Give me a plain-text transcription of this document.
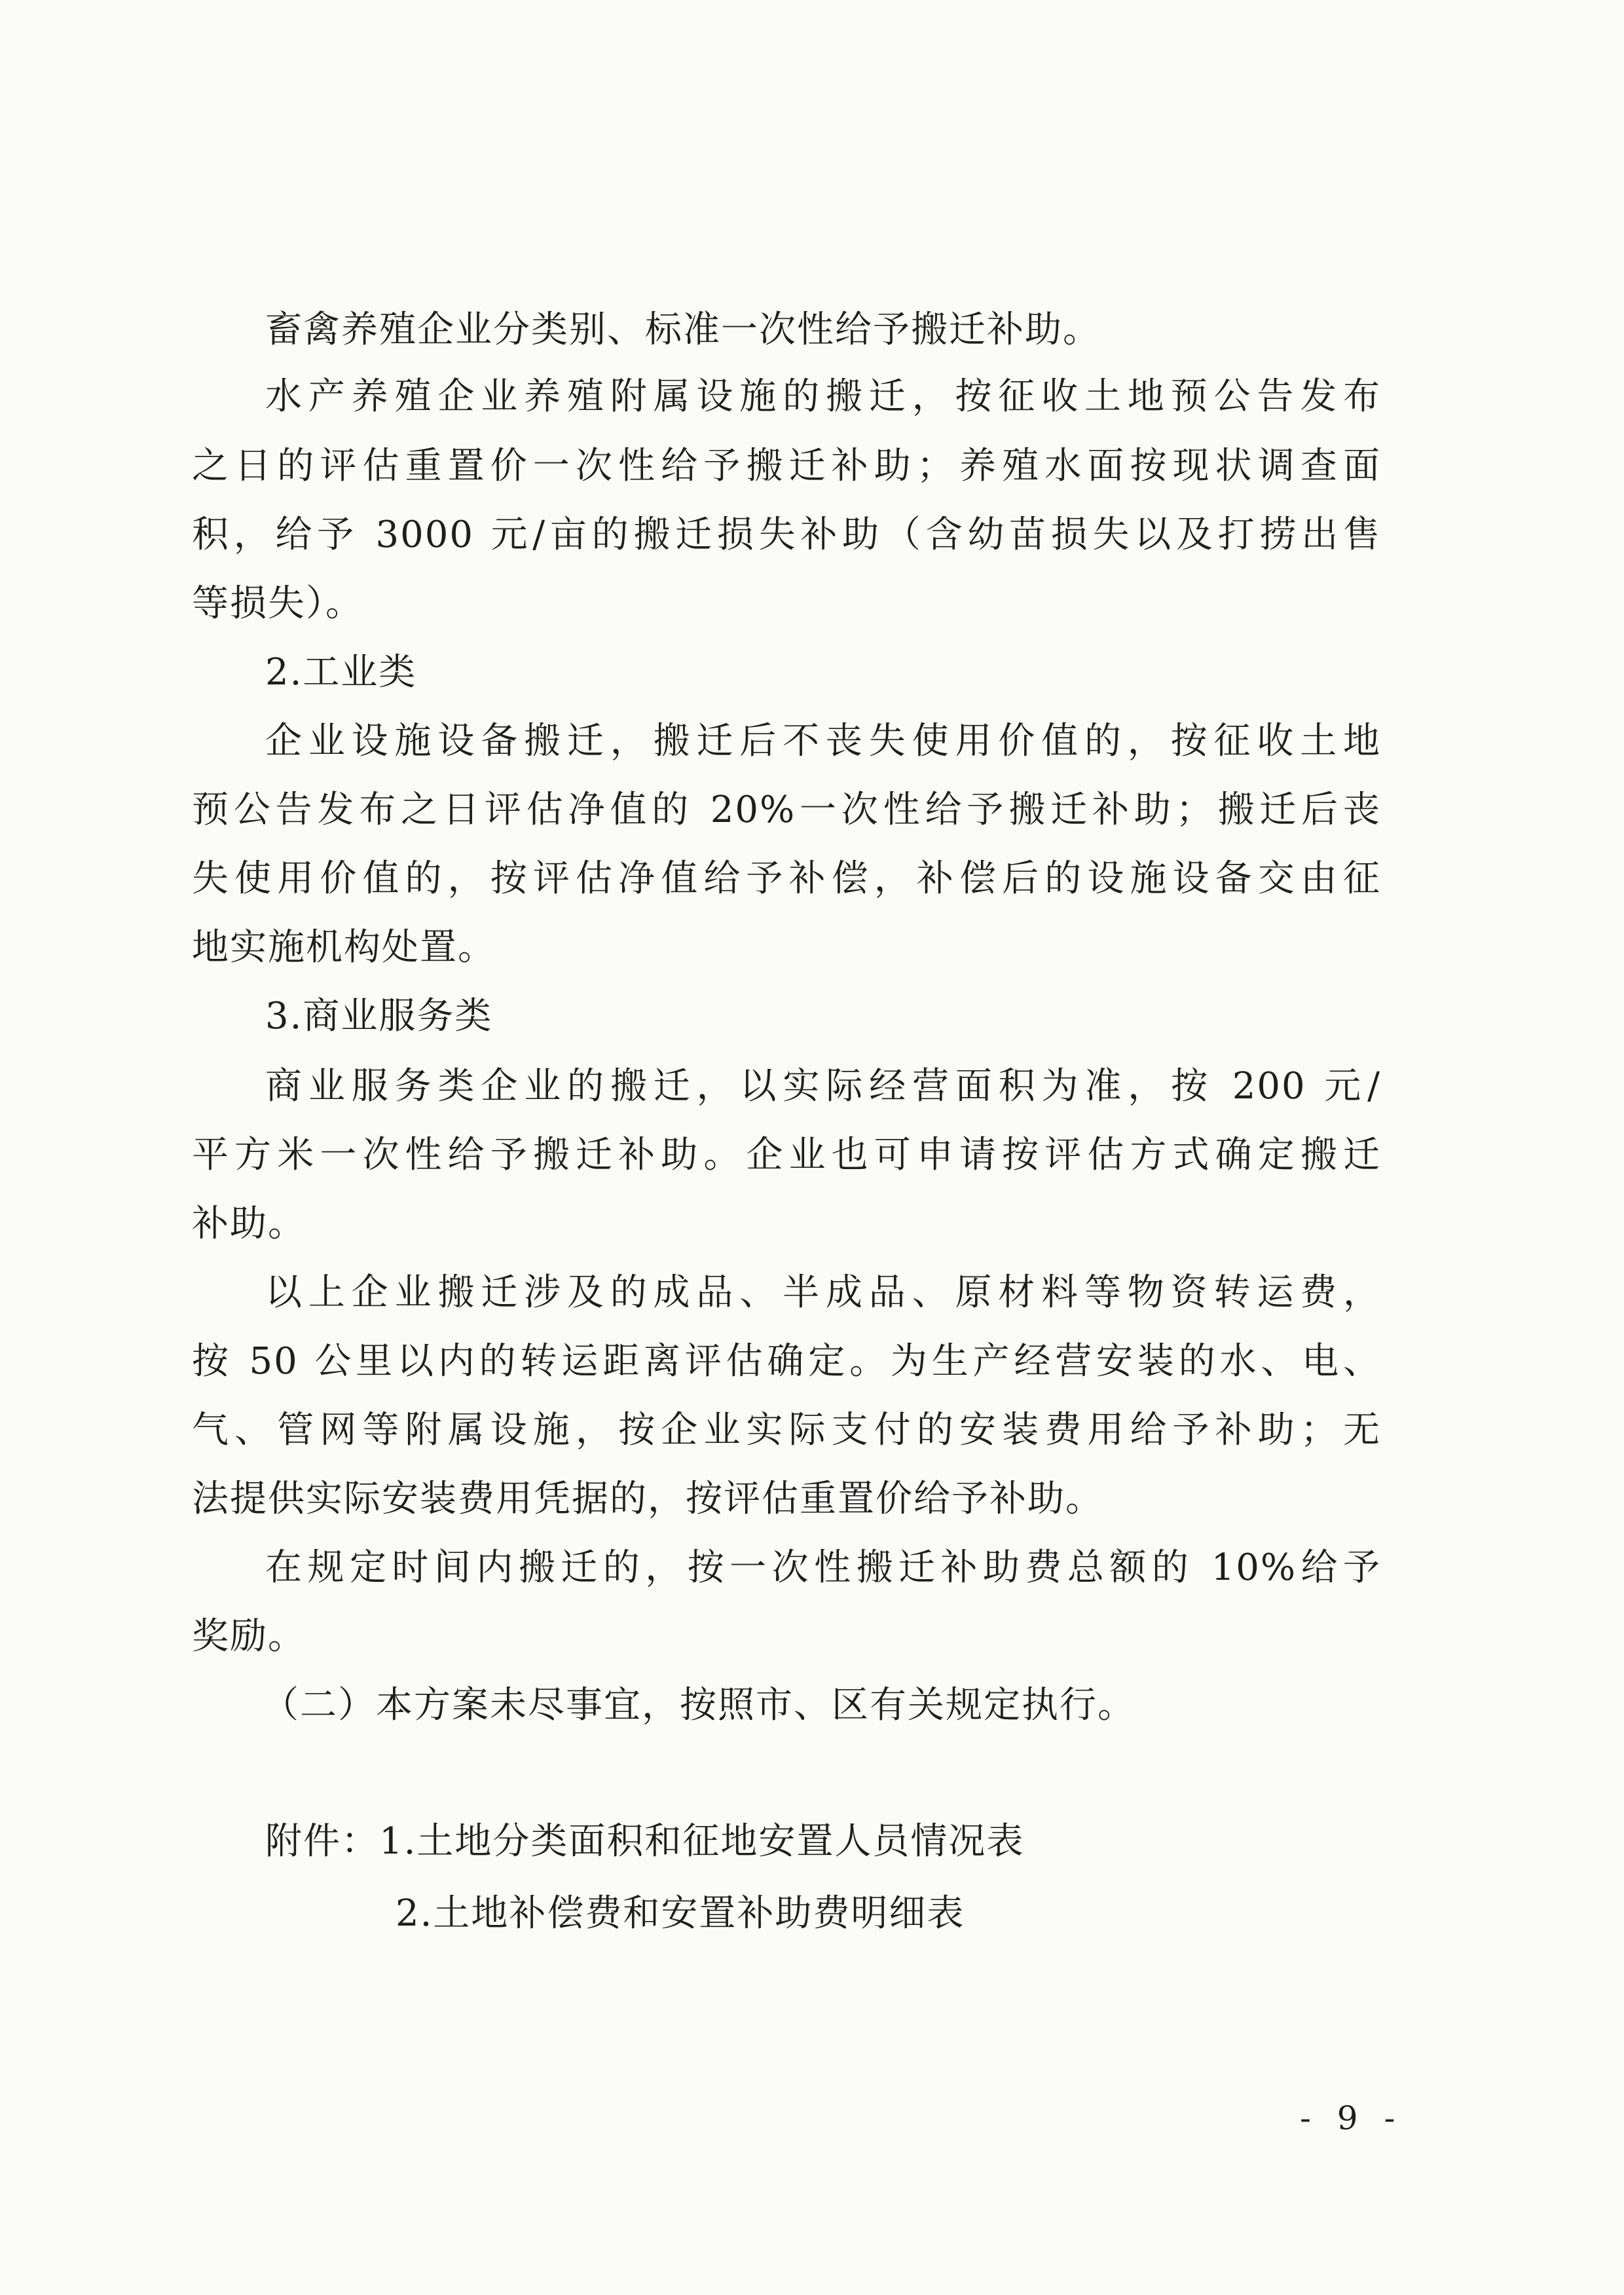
畜禽养殖企业分类别、标准一次性给予搬迁补助。
水产养殖企业养殖附属设施的搬迁，按征收土地预公告发布
之日的评估重置价一次性给予搬迁补助；养殖水面按现状调查面
积，给予 3000 元/亩的搬迁损失补助（含幼苗损失以及打捞出售
等损失）。
2.工业类
企业设施设备搬迁，搬迁后不丧失使用价值的，按征收土地
预公告发布之日评估净值的 20%一次性给予搬迁补助；搬迁后丧
失使用价值的，按评估净值给予补偿，补偿后的设施设备交由征
地实施机构处置。
3.商业服务类
商业服务类企业的搬迁，以实际经营面积为准，按 200 元/
平方米一次性给予搬迁补助。企业也可申请按评估方式确定搬迁
补助。
以上企业搬迁涉及的成品、半成品、原材料等物资转运费，
按 50 公里以内的转运距离评估确定。为生产经营安装的水、电、
气、管网等附属设施，按企业实际支付的安装费用给予补助；无
法提供实际安装费用凭据的，按评估重置价给予补助。
在规定时间内搬迁的，按一次性搬迁补助费总额的 10%给予
奖励。
（二）本方案未尽事宜，按照市、区有关规定执行。
附件：1.土地分类面积和征地安置人员情况表
2.土地补偿费和安置补助费明细表
- 9 -
